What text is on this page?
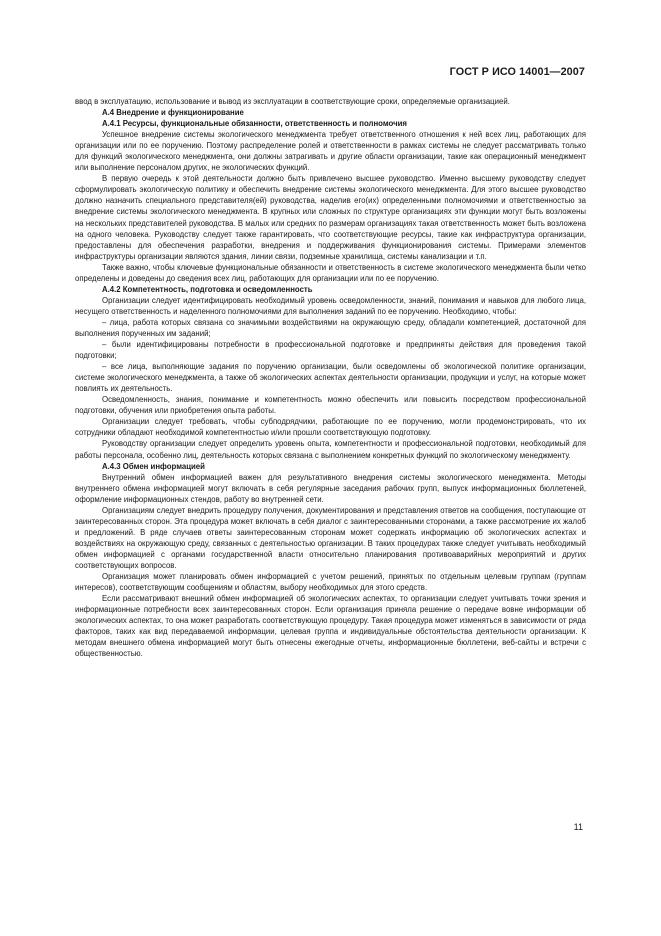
ГОСТ Р ИСО 14001—2007

ввод в эксплуатацию, использование и вывод из эксплуатации в соответствующие сроки, определяемые организацией.

А.4 Внедрение и функционирование
А.4.1 Ресурсы, функциональные обязанности, ответственность и полномочия

Успешное внедрение системы экологического менеджмента требует ответственного отношения к ней всех лиц, работающих для организации или по ее поручению. Поэтому распределение ролей и ответственности в рамках системы не следует рассматривать только для функций экологического менеджмента, они должны затрагивать и другие области организации, такие как операционный менеджмент или выполнение персоналом других, не экологических функций.

В первую очередь к этой деятельности должно быть привлечено высшее руководство. Именно высшему руководству следует сформулировать экологическую политику и обеспечить внедрение системы экологического менеджмента. Для этого высшее руководство должно назначить специального представителя(ей) руководства, наделив его(их) определенными полномочиями и ответственностью за внедрение системы экологического менеджмента. В крупных или сложных по структуре организациях эти функции могут быть возложены на нескольких представителей руководства. В малых или средних по размерам организациях такая ответственность может быть возложена на одного человека. Руководству следует также гарантировать, что соответствующие ресурсы, такие как инфраструктура организации, предоставлены для обеспечения разработки, внедрения и поддерживания функционирования системы. Примерами элементов инфраструктуры организации являются здания, линии связи, подземные хранилища, системы канализации и т.п.

Также важно, чтобы ключевые функциональные обязанности и ответственность в системе экологического менеджмента были четко определены и доведены до сведения всех лиц, работающих для организации или по ее поручению.

А.4.2 Компетентность, подготовка и осведомленность

Организации следует идентифицировать необходимый уровень осведомленности, знаний, понимания и навыков для любого лица, несущего ответственность и наделенного полномочиями для выполнения заданий по ее поручению. Необходимо, чтобы:

– лица, работа которых связана со значимыми воздействиями на окружающую среду, обладали компетенцией, достаточной для выполнения порученных им заданий;

– были идентифицированы потребности в профессиональной подготовке и предприняты действия для проведения такой подготовки;

– все лица, выполняющие задания по поручению организации, были осведомлены об экологической политике организации, системе экологического менеджмента, а также об экологических аспектах деятельности организации, продукции и услуг, на которые может повлиять их деятельность.

Осведомленность, знания, понимание и компетентность можно обеспечить или повысить посредством профессиональной подготовки, обучения или приобретения опыта работы.

Организации следует требовать, чтобы субподрядчики, работающие по ее поручению, могли продемонстрировать, что их сотрудники обладают необходимой компетентностью и/или прошли соответствующую подготовку.

Руководству организации следует определить уровень опыта, компетентности и профессиональной подготовки, необходимый для работы персонала, особенно лиц, деятельность которых связана с выполнением конкретных функций по экологическому менеджменту.

А.4.3 Обмен информацией

Внутренний обмен информацией важен для результативного внедрения системы экологического менеджмента. Методы внутреннего обмена информацией могут включать в себя регулярные заседания рабочих групп, выпуск информационных бюллетеней, оформление информационных стендов, работу во внутренней сети.

Организациям следует внедрить процедуру получения, документирования и представления ответов на сообщения, поступающие от заинтересованных сторон. Эта процедура может включать в себя диалог с заинтересованными сторонами, а также рассмотрение их жалоб и предложений. В ряде случаев ответы заинтересованным сторонам может содержать информацию об экологических аспектах и воздействиях на окружающую среду, связанных с деятельностью организации. В таких процедурах также следует учитывать необходимый обмен информацией с органами государственной власти относительно планирования противоаварийных мероприятий и других соответствующих вопросов.

Организация может планировать обмен информацией с учетом решений, принятых по отдельным целевым группам (группам интересов), соответствующим сообщениям и областям, выбору необходимых для этого средств.

Если рассматривают внешний обмен информацией об экологических аспектах, то организации следует учитывать точки зрения и информационные потребности всех заинтересованных сторон. Если организация приняла решение о передаче вовне информации об экологических аспектах, то она может разработать соответствующую процедуру. Такая процедура может изменяться в зависимости от ряда факторов, таких как вид передаваемой информации, целевая группа и индивидуальные обстоятельства деятельности организации. К методам внешнего обмена информацией могут быть отнесены ежегодные отчеты, информационные бюллетени, веб-сайты и встречи с общественностью.

11
